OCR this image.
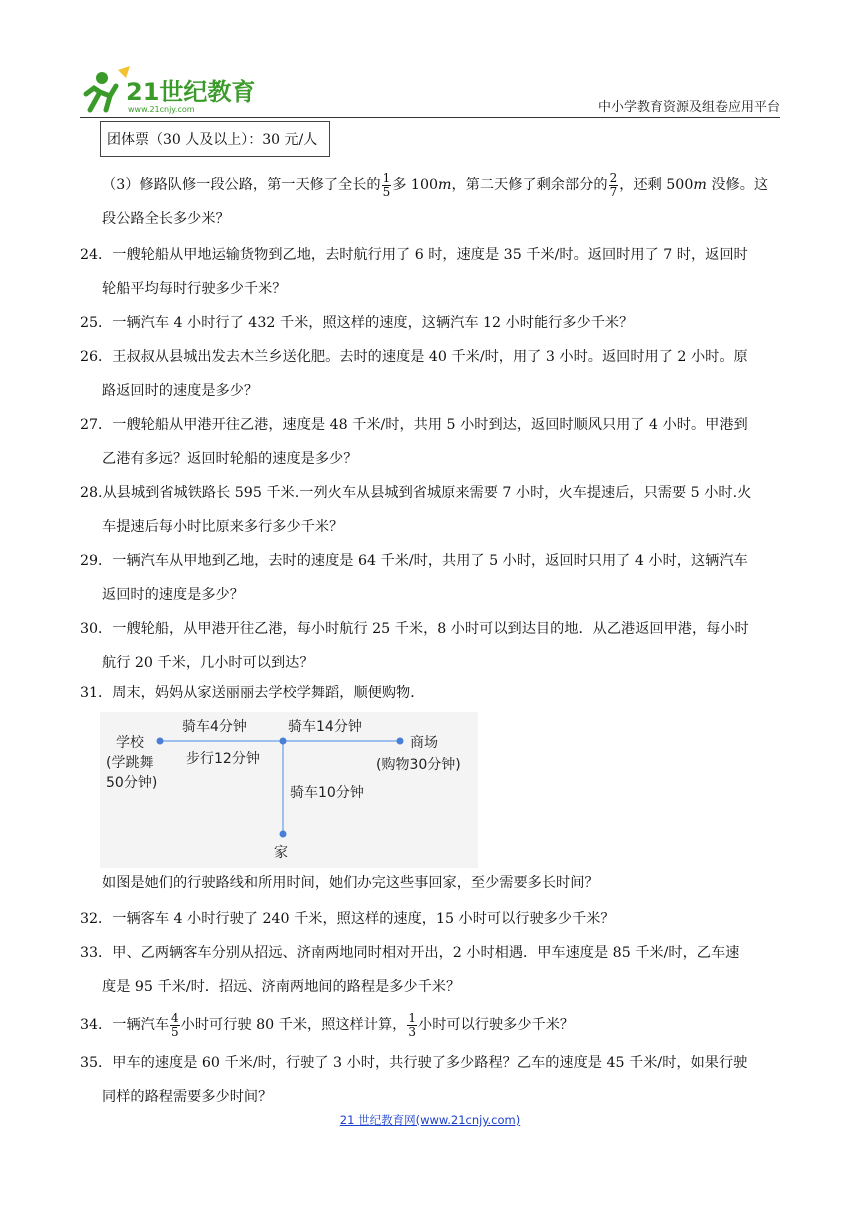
21世纪教育
www.21cnjy.com	中小学教育资源及组卷应用平台
团体票（30 人及以上）：30 元/人
（3）修路队修一段公路，第一天修了全长的 $\frac{1}{5}$ 多 100m，第二天修了剩余部分的 $\frac{2}{7}$ ，还剩 500m 没修。这
段公路全长多少米？
24．一艘轮船从甲地运输货物到乙地，去时航行用了 6 时，速度是 35 千米/时。返回时用了 7 时，返回时
轮船平均每时行驶多少千米？
25．一辆汽车 4 小时行了 432 千米，照这样的速度，这辆汽车 12 小时能行多少千米？
26．王叔叔从县城出发去木兰乡送化肥。去时的速度是 40 千米/时，用了 3 小时。返回时用了 2 小时。原
路返回时的速度是多少？
27．一艘轮船从甲港开往乙港，速度是 48 千米/时，共用 5 小时到达，返回时顺风只用了 4 小时。甲港到
乙港有多远？返回时轮船的速度是多少？
28.从县城到省城铁路长 595 千米.一列火车从县城到省城原来需要 7 小时，火车提速后，只需要 5 小时.火
车提速后每小时比原来多行多少千米？
29．一辆汽车从甲地到乙地，去时的速度是 64 千米/时，共用了 5 小时，返回时只用了 4 小时，这辆汽车
返回时的速度是多少？
30．一艘轮船，从甲港开往乙港，每小时航行 25 千米，8 小时可以到达目的地．从乙港返回甲港，每小时
航行 20 千米，几小时可以到达？
31．周末，妈妈从家送丽丽去学校学舞蹈，顺便购物．
学校
(学跳舞
50分钟)
骑车4分钟
步行12分钟
骑车14分钟
商场
(购物30分钟)
骑车10分钟
家
如图是她们的行驶路线和所用时间，她们办完这些事回家，至少需要多长时间？
32．一辆客车 4 小时行驶了 240 千米，照这样的速度，15 小时可以行驶多少千米？
33．甲、乙两辆客车分别从招远、济南两地同时相对开出，2 小时相遇．甲车速度是 85 千米/时，乙车速
度是 95 千米/时．招远、济南两地间的路程是多少千米？
34．一辆汽车 $\frac{4}{5}$ 小时可行驶 80 千米，照这样计算， $\frac{1}{3}$ 小时可以行驶多少千米？
35．甲车的速度是 60 千米/时，行驶了 3 小时，共行驶了多少路程？乙车的速度是 45 千米/时，如果行驶
同样的路程需要多少时间？
21 世纪教育网(www.21cnjy.com)
